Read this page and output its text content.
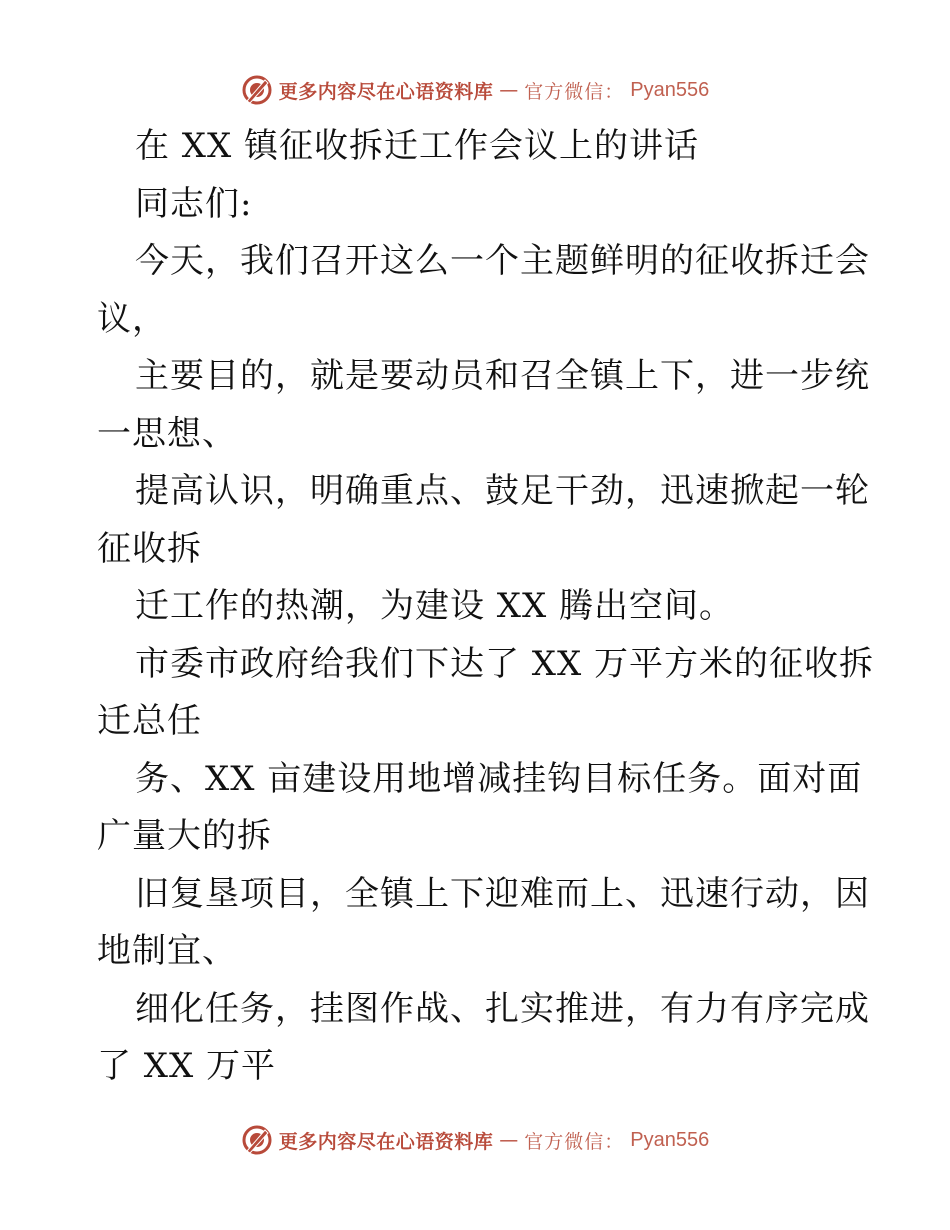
更多内容尽在心语资料库 — 官方微信： Pyan556
在 XX 镇征收拆迁工作会议上的讲话
同志们:
今天，我们召开这么一个主题鲜明的征收拆迁会
议，
主要目的，就是要动员和召全镇上下，进一步统
一思想、
提高认识，明确重点、鼓足干劲，迅速掀起一轮
征收拆
迁工作的热潮，为建设 XX 腾出空间。
市委市政府给我们下达了 XX 万平方米的征收拆
迁总任
务、XX 亩建设用地增减挂钩目标任务。面对面
广量大的拆
旧复垦项目，全镇上下迎难而上、迅速行动，因
地制宜、
细化任务，挂图作战、扎实推进，有力有序完成
了 XX 万平
更多内容尽在心语资料库 — 官方微信： Pyan556
